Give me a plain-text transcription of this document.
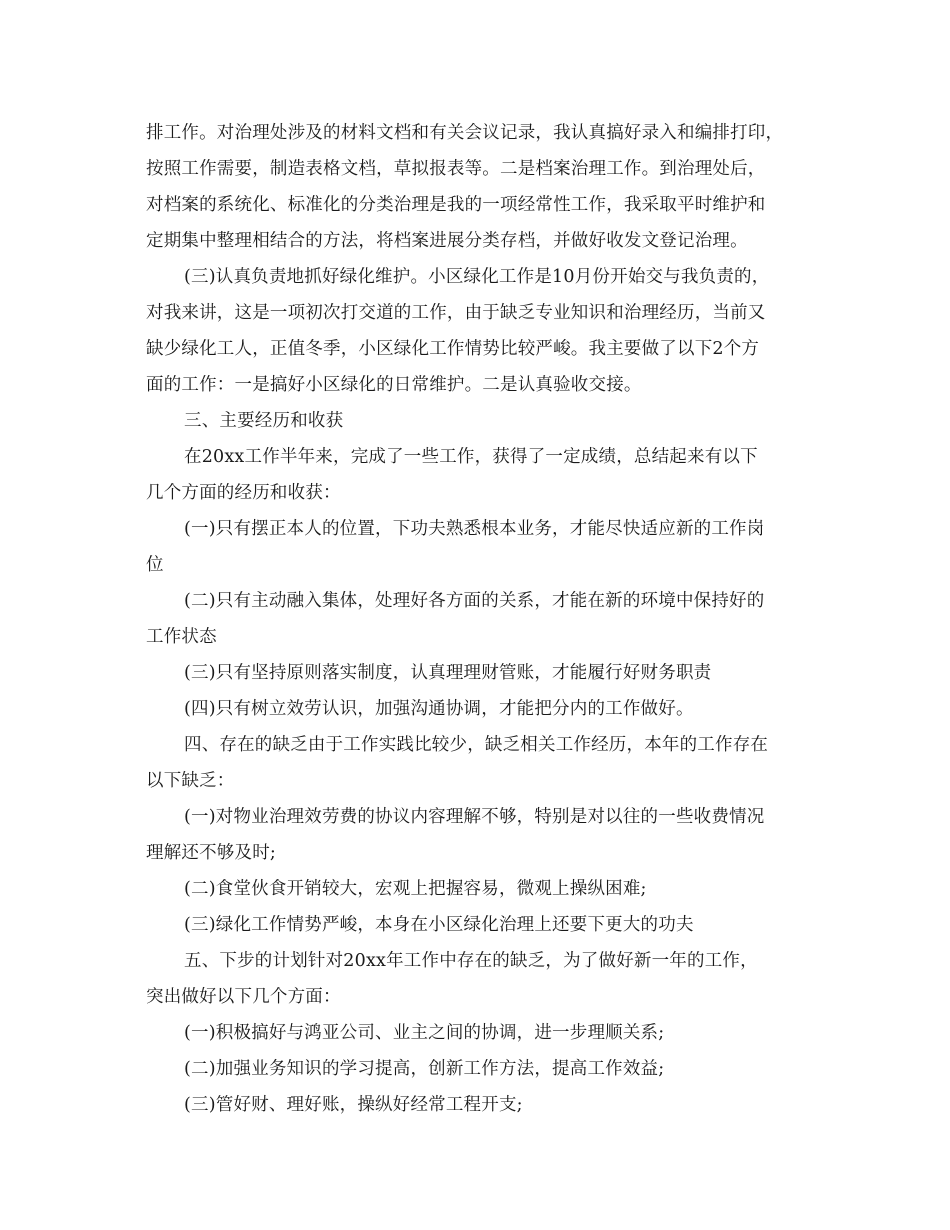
排工作。对治理处涉及的材料文档和有关会议记录，我认真搞好录入和编排打印，
按照工作需要，制造表格文档，草拟报表等。二是档案治理工作。到治理处后，
对档案的系统化、标准化的分类治理是我的一项经常性工作，我采取平时维护和
定期集中整理相结合的方法，将档案进展分类存档，并做好收发文登记治理。
(三)认真负责地抓好绿化维护。小区绿化工作是10月份开始交与我负责的，
对我来讲，这是一项初次打交道的工作，由于缺乏专业知识和治理经历，当前又
缺少绿化工人，正值冬季，小区绿化工作情势比较严峻。我主要做了以下2个方
面的工作：一是搞好小区绿化的日常维护。二是认真验收交接。
三、主要经历和收获
在20xx工作半年来，完成了一些工作，获得了一定成绩，总结起来有以下
几个方面的经历和收获：
(一)只有摆正本人的位置，下功夫熟悉根本业务，才能尽快适应新的工作岗
位
(二)只有主动融入集体，处理好各方面的关系，才能在新的环境中保持好的
工作状态
(三)只有坚持原则落实制度，认真理理财管账，才能履行好财务职责
(四)只有树立效劳认识，加强沟通协调，才能把分内的工作做好。
四、存在的缺乏由于工作实践比较少，缺乏相关工作经历，本年的工作存在
以下缺乏：
(一)对物业治理效劳费的协议内容理解不够，特别是对以往的一些收费情况
理解还不够及时;
(二)食堂伙食开销较大，宏观上把握容易，微观上操纵困难;
(三)绿化工作情势严峻，本身在小区绿化治理上还要下更大的功夫
五、下步的计划针对20xx年工作中存在的缺乏，为了做好新一年的工作，
突出做好以下几个方面：
(一)积极搞好与鸿亚公司、业主之间的协调，进一步理顺关系;
(二)加强业务知识的学习提高，创新工作方法，提高工作效益;
(三)管好财、理好账，操纵好经常工程开支;
